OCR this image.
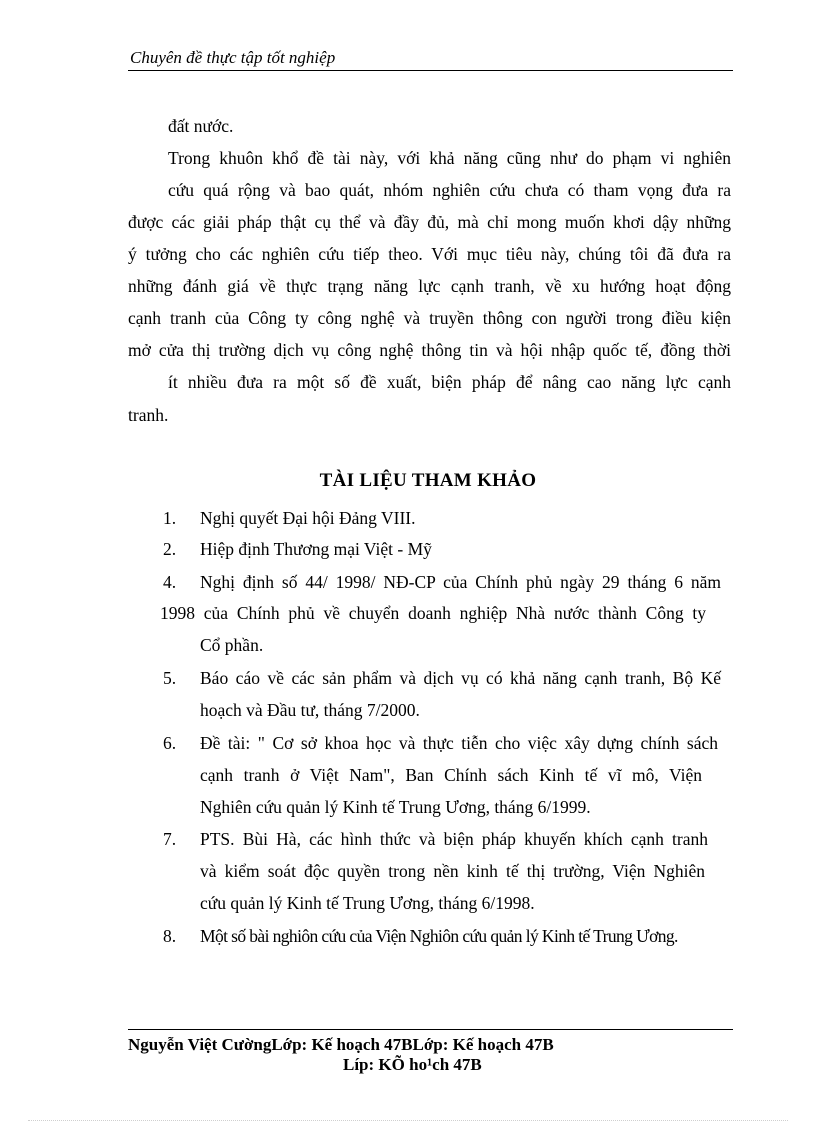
Chuyên đề thực tập tốt nghiệp
đất nước.
Trong khuôn khổ đề tài này, với khả năng cũng như do phạm vi nghiên
cứu quá rộng và bao quát, nhóm nghiên cứu chưa có tham vọng đưa ra
được các giải pháp thật cụ thể và đầy đủ, mà chỉ mong muốn khơi dậy những
ý tưởng cho các nghiên cứu tiếp theo. Với mục tiêu này, chúng tôi đã đưa ra
những đánh giá về thực trạng năng lực cạnh tranh, về xu hướng hoạt động
cạnh tranh của Công ty công nghệ và truyền thông con người trong điều kiện
mở cửa thị trường dịch vụ công nghệ thông tin và hội nhập quốc tế, đồng thời
ít nhiều đưa ra một số đề xuất, biện pháp để nâng cao năng lực cạnh
tranh.
TÀI LIỆU THAM KHẢO
1. Nghị quyết Đại hội Đảng VIII.
2. Hiệp định Thương mại Việt - Mỹ
4. Nghị định số 44/ 1998/ NĐ-CP của Chính phủ ngày 29 tháng 6 năm
1998 của Chính phủ về chuyển doanh nghiệp Nhà nước thành Công ty
Cổ phần.
5. Báo cáo về các sản phẩm và dịch vụ có khả năng cạnh tranh, Bộ Kế
hoạch và Đầu tư, tháng 7/2000.
6. Đề tài: " Cơ sở khoa học và thực tiễn cho việc xây dựng chính sách
cạnh tranh ở Việt Nam", Ban Chính sách Kinh tế vĩ mô, Viện
Nghiên cứu quản lý Kinh tế Trung Ương, tháng 6/1999.
7. PTS. Bùi Hà, các hình thức và biện pháp khuyến khích cạnh tranh
và kiểm soát độc quyền trong nền kinh tế thị trường, Viện Nghiên
cứu quản lý Kinh tế Trung Ương, tháng 6/1998.
8. Một số bài nghiôn cứu của Viện Nghiôn cứu quản lý Kinh tế Trung Ương.
Nguyễn Việt CườngLớp: Kế hoạch 47BLớp: Kế hoạch 47B
Líp: KÕ ho¹ch 47B
